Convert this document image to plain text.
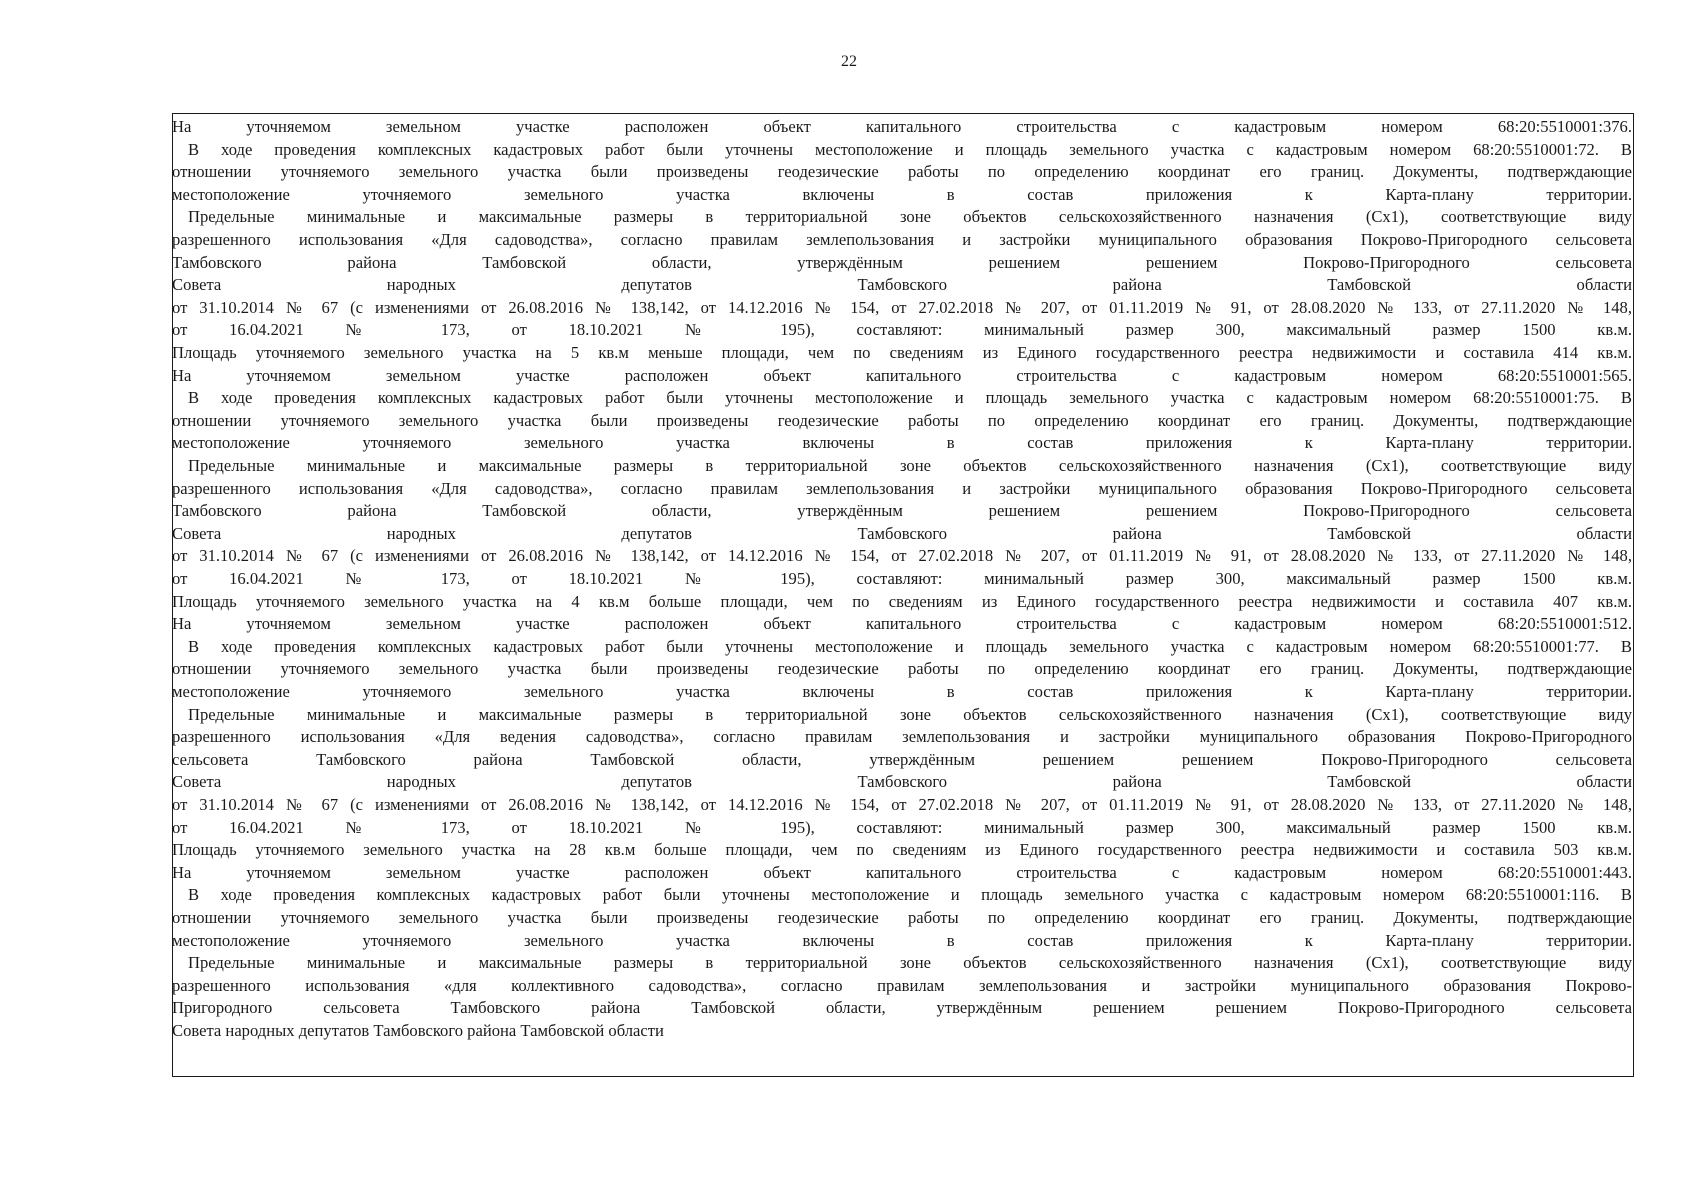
22
На уточняемом земельном участке расположен объект капитального строительства с кадастровым номером 68:20:5510001:376.
В ходе проведения комплексных кадастровых работ были уточнены местоположение и площадь земельного участка с кадастровым номером 68:20:5510001:72. В
отношении уточняемого земельного участка были произведены геодезические работы по определению координат его границ. Документы, подтверждающие
местоположение уточняемого земельного участка включены в состав приложения к Карта-плану территории.
Предельные минимальные и максимальные размеры в территориальной зоне объектов сельскохозяйственного назначения (Сх1), соответствующие виду
разрешенного использования «Для садоводства», согласно правилам землепользования и застройки муниципального образования Покрово-Пригородного сельсовета
Тамбовского района Тамбовской области, утверждённым решением решением Покрово-Пригородного сельсовета
Совета народных депутатов Тамбовского района Тамбовской области
от 31.10.2014 № 67 (с изменениями от 26.08.2016 № 138,142, от 14.12.2016 № 154, от 27.02.2018 № 207, от 01.11.2019 № 91, от 28.08.2020 № 133, от 27.11.2020 № 148,
от 16.04.2021 № 173, от 18.10.2021 № 195), составляют: минимальный размер 300, максимальный размер 1500 кв.м.
Площадь уточняемого земельного участка на 5 кв.м меньше площади, чем по сведениям из Единого государственного реестра недвижимости и составила 414 кв.м.
На уточняемом земельном участке расположен объект капитального строительства с кадастровым номером 68:20:5510001:565.
В ходе проведения комплексных кадастровых работ были уточнены местоположение и площадь земельного участка с кадастровым номером 68:20:5510001:75. В
отношении уточняемого земельного участка были произведены геодезические работы по определению координат его границ. Документы, подтверждающие
местоположение уточняемого земельного участка включены в состав приложения к Карта-плану территории.
Предельные минимальные и максимальные размеры в территориальной зоне объектов сельскохозяйственного назначения (Сх1), соответствующие виду
разрешенного использования «Для садоводства», согласно правилам землепользования и застройки муниципального образования Покрово-Пригородного сельсовета
Тамбовского района Тамбовской области, утверждённым решением решением Покрово-Пригородного сельсовета
Совета народных депутатов Тамбовского района Тамбовской области
от 31.10.2014 № 67 (с изменениями от 26.08.2016 № 138,142, от 14.12.2016 № 154, от 27.02.2018 № 207, от 01.11.2019 № 91, от 28.08.2020 № 133, от 27.11.2020 № 148,
от 16.04.2021 № 173, от 18.10.2021 № 195), составляют: минимальный размер 300, максимальный размер 1500 кв.м.
Площадь уточняемого земельного участка на 4 кв.м больше площади, чем по сведениям из Единого государственного реестра недвижимости и составила 407 кв.м.
На уточняемом земельном участке расположен объект капитального строительства с кадастровым номером 68:20:5510001:512.
В ходе проведения комплексных кадастровых работ были уточнены местоположение и площадь земельного участка с кадастровым номером 68:20:5510001:77. В
отношении уточняемого земельного участка были произведены геодезические работы по определению координат его границ. Документы, подтверждающие
местоположение уточняемого земельного участка включены в состав приложения к Карта-плану территории.
Предельные минимальные и максимальные размеры в территориальной зоне объектов сельскохозяйственного назначения (Сх1), соответствующие виду
разрешенного использования «Для ведения садоводства», согласно правилам землепользования и застройки муниципального образования Покрово-Пригородного
сельсовета Тамбовского района Тамбовской области, утверждённым решением решением Покрово-Пригородного сельсовета
Совета народных депутатов Тамбовского района Тамбовской области
от 31.10.2014 № 67 (с изменениями от 26.08.2016 № 138,142, от 14.12.2016 № 154, от 27.02.2018 № 207, от 01.11.2019 № 91, от 28.08.2020 № 133, от 27.11.2020 № 148,
от 16.04.2021 № 173, от 18.10.2021 № 195), составляют: минимальный размер 300, максимальный размер 1500 кв.м.
Площадь уточняемого земельного участка на 28 кв.м больше площади, чем по сведениям из Единого государственного реестра недвижимости и составила 503 кв.м.
На уточняемом земельном участке расположен объект капитального строительства с кадастровым номером 68:20:5510001:443.
В ходе проведения комплексных кадастровых работ были уточнены местоположение и площадь земельного участка с кадастровым номером 68:20:5510001:116. В
отношении уточняемого земельного участка были произведены геодезические работы по определению координат его границ. Документы, подтверждающие
местоположение уточняемого земельного участка включены в состав приложения к Карта-плану территории.
Предельные минимальные и максимальные размеры в территориальной зоне объектов сельскохозяйственного назначения (Сх1), соответствующие виду
разрешенного использования «для коллективного садоводства», согласно правилам землепользования и застройки муниципального образования Покрово-
Пригородного сельсовета Тамбовского района Тамбовской области, утверждённым решением решением Покрово-Пригородного сельсовета
Совета народных депутатов Тамбовского района Тамбовской области
